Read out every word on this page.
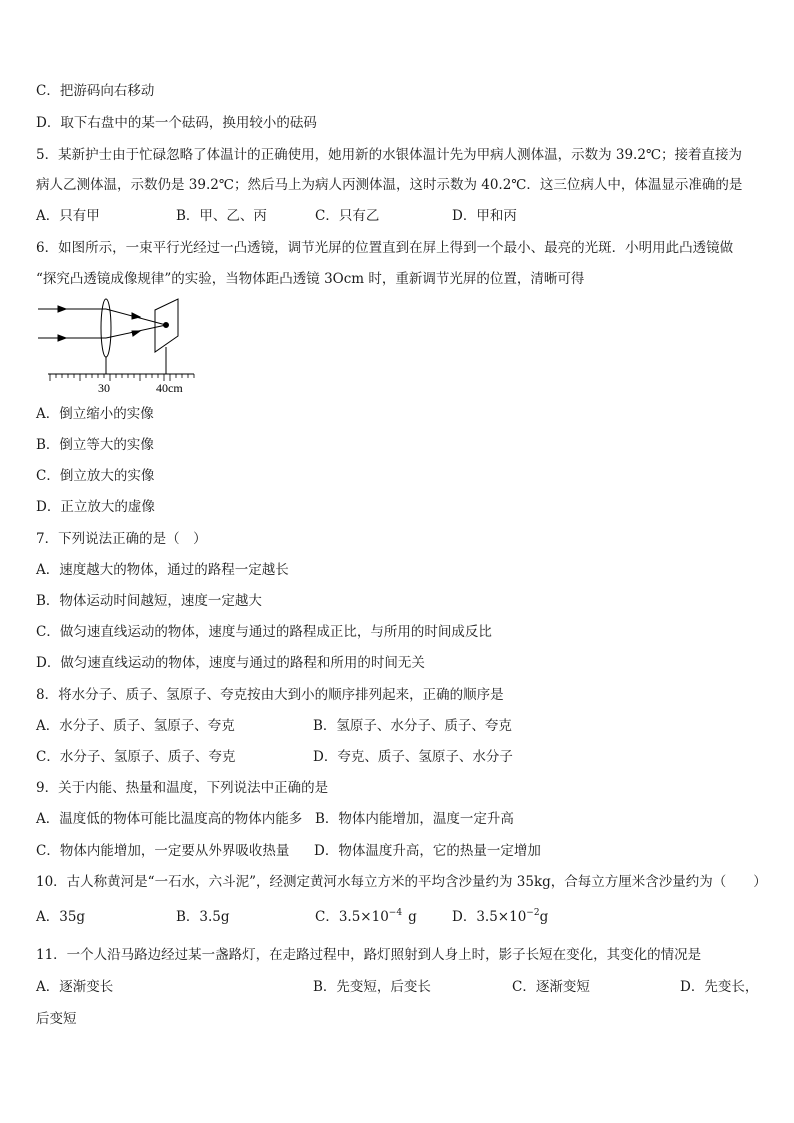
C．把游码向右移动
D．取下右盘中的某一个砝码，换用较小的砝码
5．某新护士由于忙碌忽略了体温计的正确使用，她用新的水银体温计先为甲病人测体温，示数为 39.2℃；接着直接为
病人乙测体温，示数仍是 39.2℃；然后马上为病人丙测体温，这时示数为 40.2℃．这三位病人中，体温显示准确的是
A．只有甲	B．甲、乙、丙	C．只有乙	D．甲和丙
6．如图所示，一束平行光经过一凸透镜，调节光屏的位置直到在屏上得到一个最小、最亮的光斑．小明用此凸透镜做
“探究凸透镜成像规律”的实验，当物体距凸透镜 3Ocm 时，重新调节光屏的位置，清晰可得
30	40cm
A．倒立缩小的实像
B．倒立等大的实像
C．倒立放大的实像
D．正立放大的虚像
7．下列说法正确的是（　）
A．速度越大的物体，通过的路程一定越长
B．物体运动时间越短，速度一定越大
C．做匀速直线运动的物体，速度与通过的路程成正比，与所用的时间成反比
D．做匀速直线运动的物体，速度与通过的路程和所用的时间无关
8．将水分子、质子、氢原子、夸克按由大到小的顺序排列起来，正确的顺序是
A．水分子、质子、氢原子、夸克	B．氢原子、水分子、质子、夸克
C．水分子、氢原子、质子、夸克	D．夸克、质子、氢原子、水分子
9．关于内能、热量和温度，下列说法中正确的是
A．温度低的物体可能比温度高的物体内能多 B．物体内能增加，温度一定升高
C．物体内能增加，一定要从外界吸收热量 D．物体温度升高，它的热量一定增加
10．古人称黄河是“一石水，六斗泥”，经测定黄河水每立方米的平均含沙量约为 35kg，合每立方厘米含沙量约为（　　）
A．35g	B．3.5g	C．$3.5\times 10^{-4}$ g	D．$3.5\times 10^{-2}g$
11．一个人沿马路边经过某一盏路灯，在走路过程中，路灯照射到人身上时，影子长短在变化，其变化的情况是
A．逐渐变长	B．先变短，后变长	C．逐渐变短	D．先变长，
后变短
